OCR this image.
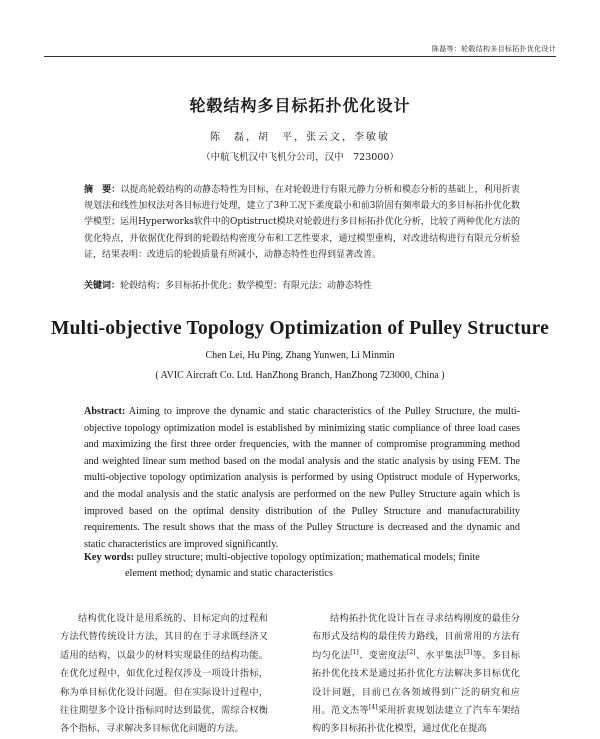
陈磊等：轮毂结构多目标拓扑优化设计
轮毂结构多目标拓扑优化设计
陈　磊，胡　平，张云文，李敏敏
（中航飞机汉中飞机分公司，汉中　723000）
摘　要：以提高轮毂结构的动静态特性为目标，在对轮毂进行有限元静力分析和模态分析的基础上，利用折衷规划法和线性加权法对各目标进行处理，建立了3种工况下柔度最小和前3阶固有频率最大的多目标拓扑优化数学模型；运用Hyperworks软件中的Optistruct模块对轮毂进行多目标拓扑优化分析，比较了两种优化方法的优化特点，并依据优化得到的轮毂结构密度分布和工艺性要求，通过模型重构，对改进结构进行有限元分析验证，结果表明：改进后的轮毂质量有所减小，动静态特性也得到显著改善。
关键词：轮毂结构；多目标拓扑优化；数学模型；有限元法；动静态特性
Multi-objective Topology Optimization of Pulley Structure
Chen Lei, Hu Ping, Zhang Yunwen, Li Minmin
( AVIC Aircraft Co. Ltd. HanZhong Branch, HanZhong 723000, China )
Abstract: Aiming to improve the dynamic and static characteristics of the Pulley Structure, the multi-objective topology optimization model is established by minimizing static compliance of three load cases and maximizing the first three order frequencies, with the manner of compromise programming method and weighted linear sum method based on the modal analysis and the static analysis by using FEM. The multi-objective topology optimization analysis is performed by using Optistruct module of Hyperworks, and the modal analysis and the static analysis are performed on the new Pulley Structure again which is improved based on the optimal density distribution of the Pulley Structure and manufacturability requirements. The result shows that the mass of the Pulley Structure is decreased and the dynamic and static characteristics are improved significantly.
Key words: pulley structure; multi-objective topology optimization; mathematical models; finite
element method; dynamic and static characteristics
结构优化设计是用系统的、目标定向的过程和方法代替传统设计方法，其目的在于寻求既经济又适用的结构，以最少的材料实现最佳的结构功能。在优化过程中，如优化过程仅涉及一项设计指标，称为单目标优化设计问题。但在实际设计过程中，往往期望多个设计指标同时达到最优，需综合权衡各个指标，寻求解决多目标优化问题的方法。
结构拓扑优化设计旨在寻求结构刚度的最佳分布形式及结构的最佳传力路线，目前常用的方法有均匀化法[1]、变密度法[2]、水平集法[3]等。多目标拓扑优化技术是通过拓扑优化方法解决多目标优化设计问题，目前已在各领域得到广泛的研究和应用。范文杰等[4]采用折衷规划法建立了汽车车架结构的多目标拓扑优化模型，通过优化在提高
